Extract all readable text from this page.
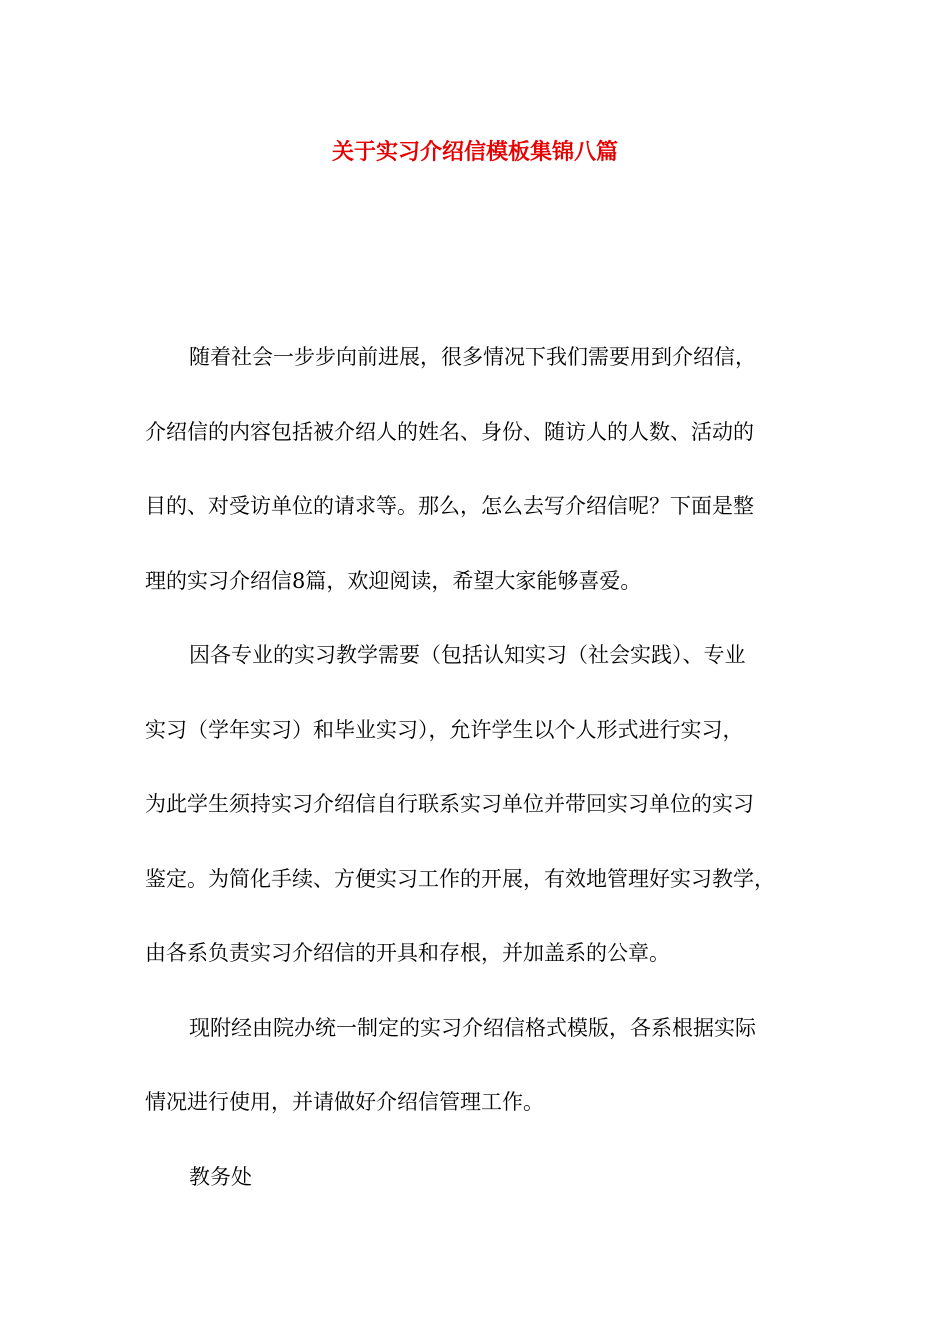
关于实习介绍信模板集锦八篇

随着社会一步步向前进展，很多情况下我们需要用到介绍信，
介绍信的内容包括被介绍人的姓名、身份、随访人的人数、活动的
目的、对受访单位的请求等。那么，怎么去写介绍信呢？下面是整
理的实习介绍信8篇，欢迎阅读，希望大家能够喜爱。

因各专业的实习教学需要（包括认知实习（社会实践）、专业
实习（学年实习）和毕业实习），允许学生以个人形式进行实习，
为此学生须持实习介绍信自行联系实习单位并带回实习单位的实习
鉴定。为简化手续、方便实习工作的开展，有效地管理好实习教学，
由各系负责实习介绍信的开具和存根，并加盖系的公章。

现附经由院办统一制定的实习介绍信格式模版，各系根据实际
情况进行使用，并请做好介绍信管理工作。

教务处
